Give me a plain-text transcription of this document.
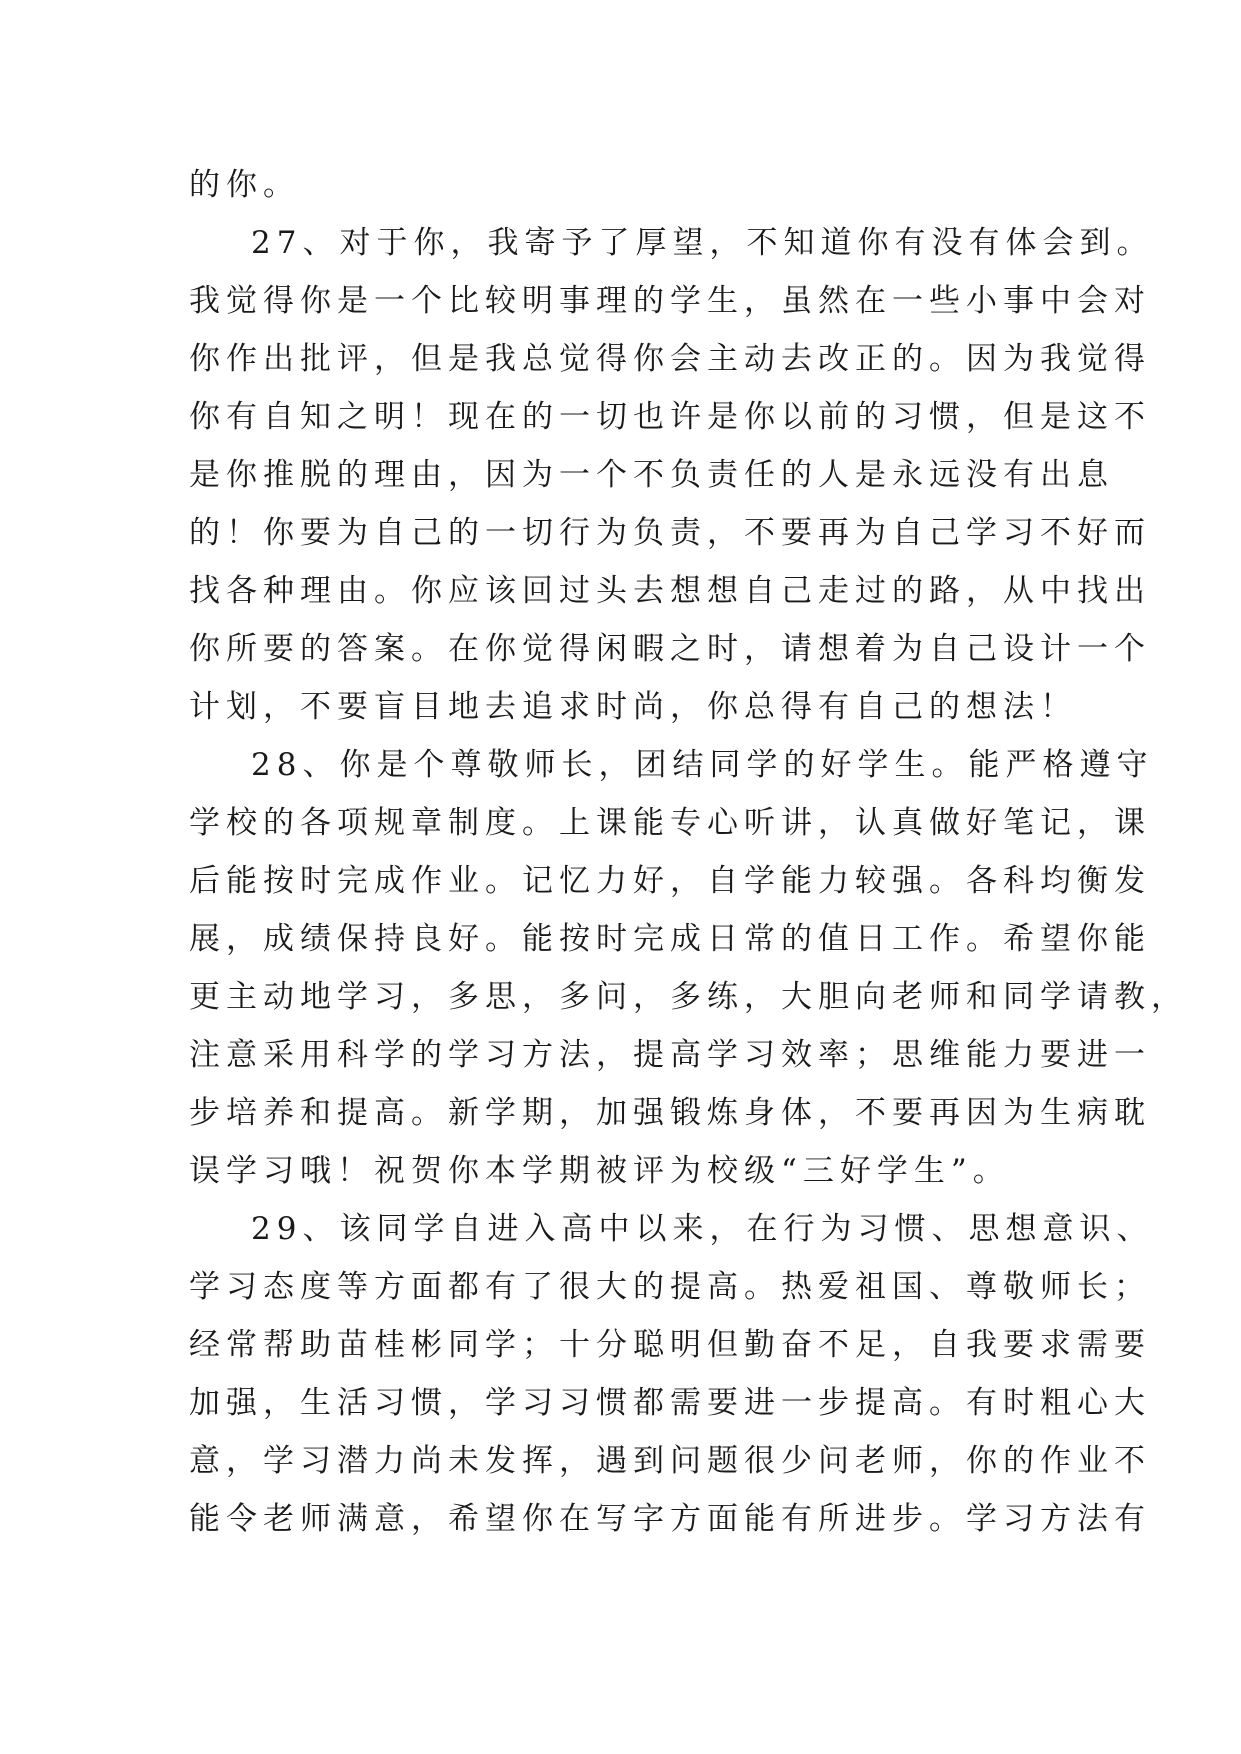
的你。
27、对于你，我寄予了厚望，不知道你有没有体会到。
我觉得你是一个比较明事理的学生，虽然在一些小事中会对
你作出批评，但是我总觉得你会主动去改正的。因为我觉得
你有自知之明！现在的一切也许是你以前的习惯，但是这不
是你推脱的理由，因为一个不负责任的人是永远没有出息
的！你要为自己的一切行为负责，不要再为自己学习不好而
找各种理由。你应该回过头去想想自己走过的路，从中找出
你所要的答案。在你觉得闲暇之时，请想着为自己设计一个
计划，不要盲目地去追求时尚，你总得有自己的想法！
28、你是个尊敬师长，团结同学的好学生。能严格遵守
学校的各项规章制度。上课能专心听讲，认真做好笔记，课
后能按时完成作业。记忆力好，自学能力较强。各科均衡发
展，成绩保持良好。能按时完成日常的值日工作。希望你能
更主动地学习，多思，多问，多练，大胆向老师和同学请教，
注意采用科学的学习方法，提高学习效率；思维能力要进一
步培养和提高。新学期，加强锻炼身体，不要再因为生病耽
误学习哦！祝贺你本学期被评为校级“三好学生”。
29、该同学自进入高中以来，在行为习惯、思想意识、
学习态度等方面都有了很大的提高。热爱祖国、尊敬师长；
经常帮助苗桂彬同学；十分聪明但勤奋不足，自我要求需要
加强，生活习惯，学习习惯都需要进一步提高。有时粗心大
意，学习潜力尚未发挥，遇到问题很少问老师，你的作业不
能令老师满意，希望你在写字方面能有所进步。学习方法有
